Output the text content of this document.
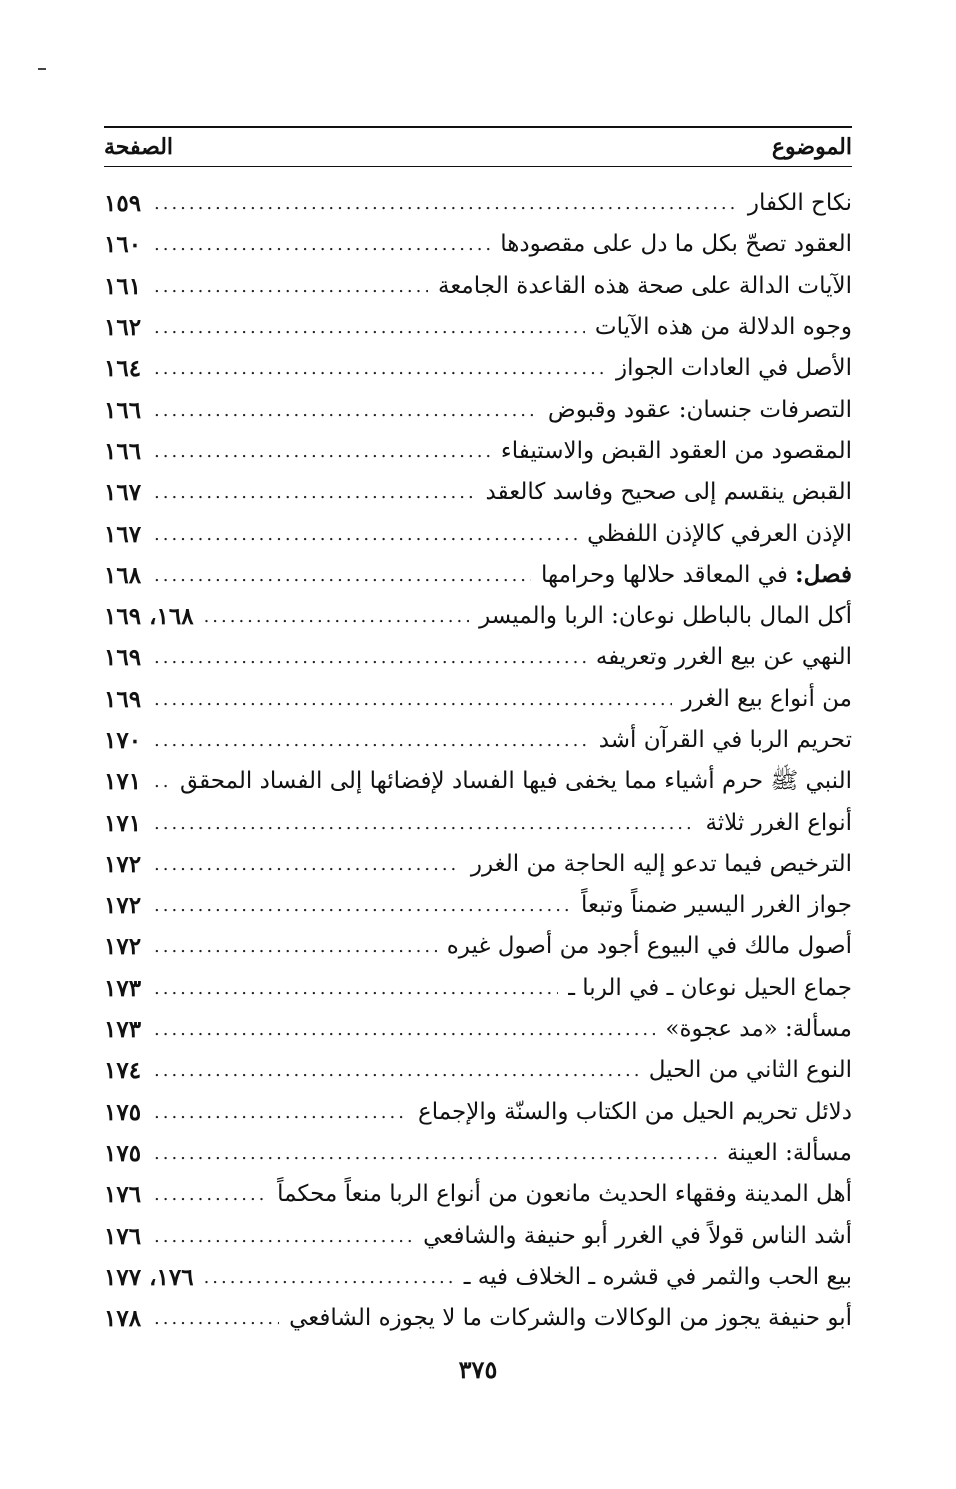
الموضوع
الصفحة
نكاح الكفار
.....
١٥٩
العقود تصحّ بكل ما دل على مقصودها
.....
١٦٠
الآيات الدالة على صحة هذه القاعدة الجامعة
.....
١٦١
وجوه الدلالة من هذه الآيات
.....
١٦٢
الأصل في العادات الجواز
.....
١٦٤
التصرفات جنسان: عقود وقبوض
.....
١٦٦
المقصود من العقود القبض والاستيفاء
.....
١٦٦
القبض ينقسم إلى صحيح وفاسد كالعقد
.....
١٦٧
الإذن العرفي كالإذن اللفظي
.....
١٦٧
فصل: في المعاقد حلالها وحرامها
.....
١٦٨
أكل المال بالباطل نوعان: الربا والميسر
.....
١٦٨، ١٦٩
النهي عن بيع الغرر وتعريفه
.....
١٦٩
من أنواع بيع الغرر
.....
١٦٩
تحريم الربا في القرآن أشد
.....
١٧٠
النبي ﷺ حرم أشياء مما يخفى فيها الفساد لإفضائها إلى الفساد المحقق
.....
١٧١
أنواع الغرر ثلاثة
.....
١٧١
الترخيص فيما تدعو إليه الحاجة من الغرر
.....
١٧٢
جواز الغرر اليسير ضمناً وتبعاً
.....
١٧٢
أصول مالك في البيوع أجود من أصول غيره
.....
١٧٢
جماع الحيل نوعان ـ في الربا ـ
.....
١٧٣
مسألة: «مد عجوة»
.....
١٧٣
النوع الثاني من الحيل
.....
١٧٤
دلائل تحريم الحيل من الكتاب والسنّة والإجماع
.....
١٧٥
مسألة: العينة
.....
١٧٥
أهل المدينة وفقهاء الحديث مانعون من أنواع الربا منعاً محكماً
.....
١٧٦
أشد الناس قولاً في الغرر أبو حنيفة والشافعي
.....
١٧٦
بيع الحب والثمر في قشره ـ الخلاف فيه ـ
.....
١٧٦، ١٧٧
أبو حنيفة يجوز من الوكالات والشركات ما لا يجوزه الشافعي
.....
١٧٨
٣٧٥
